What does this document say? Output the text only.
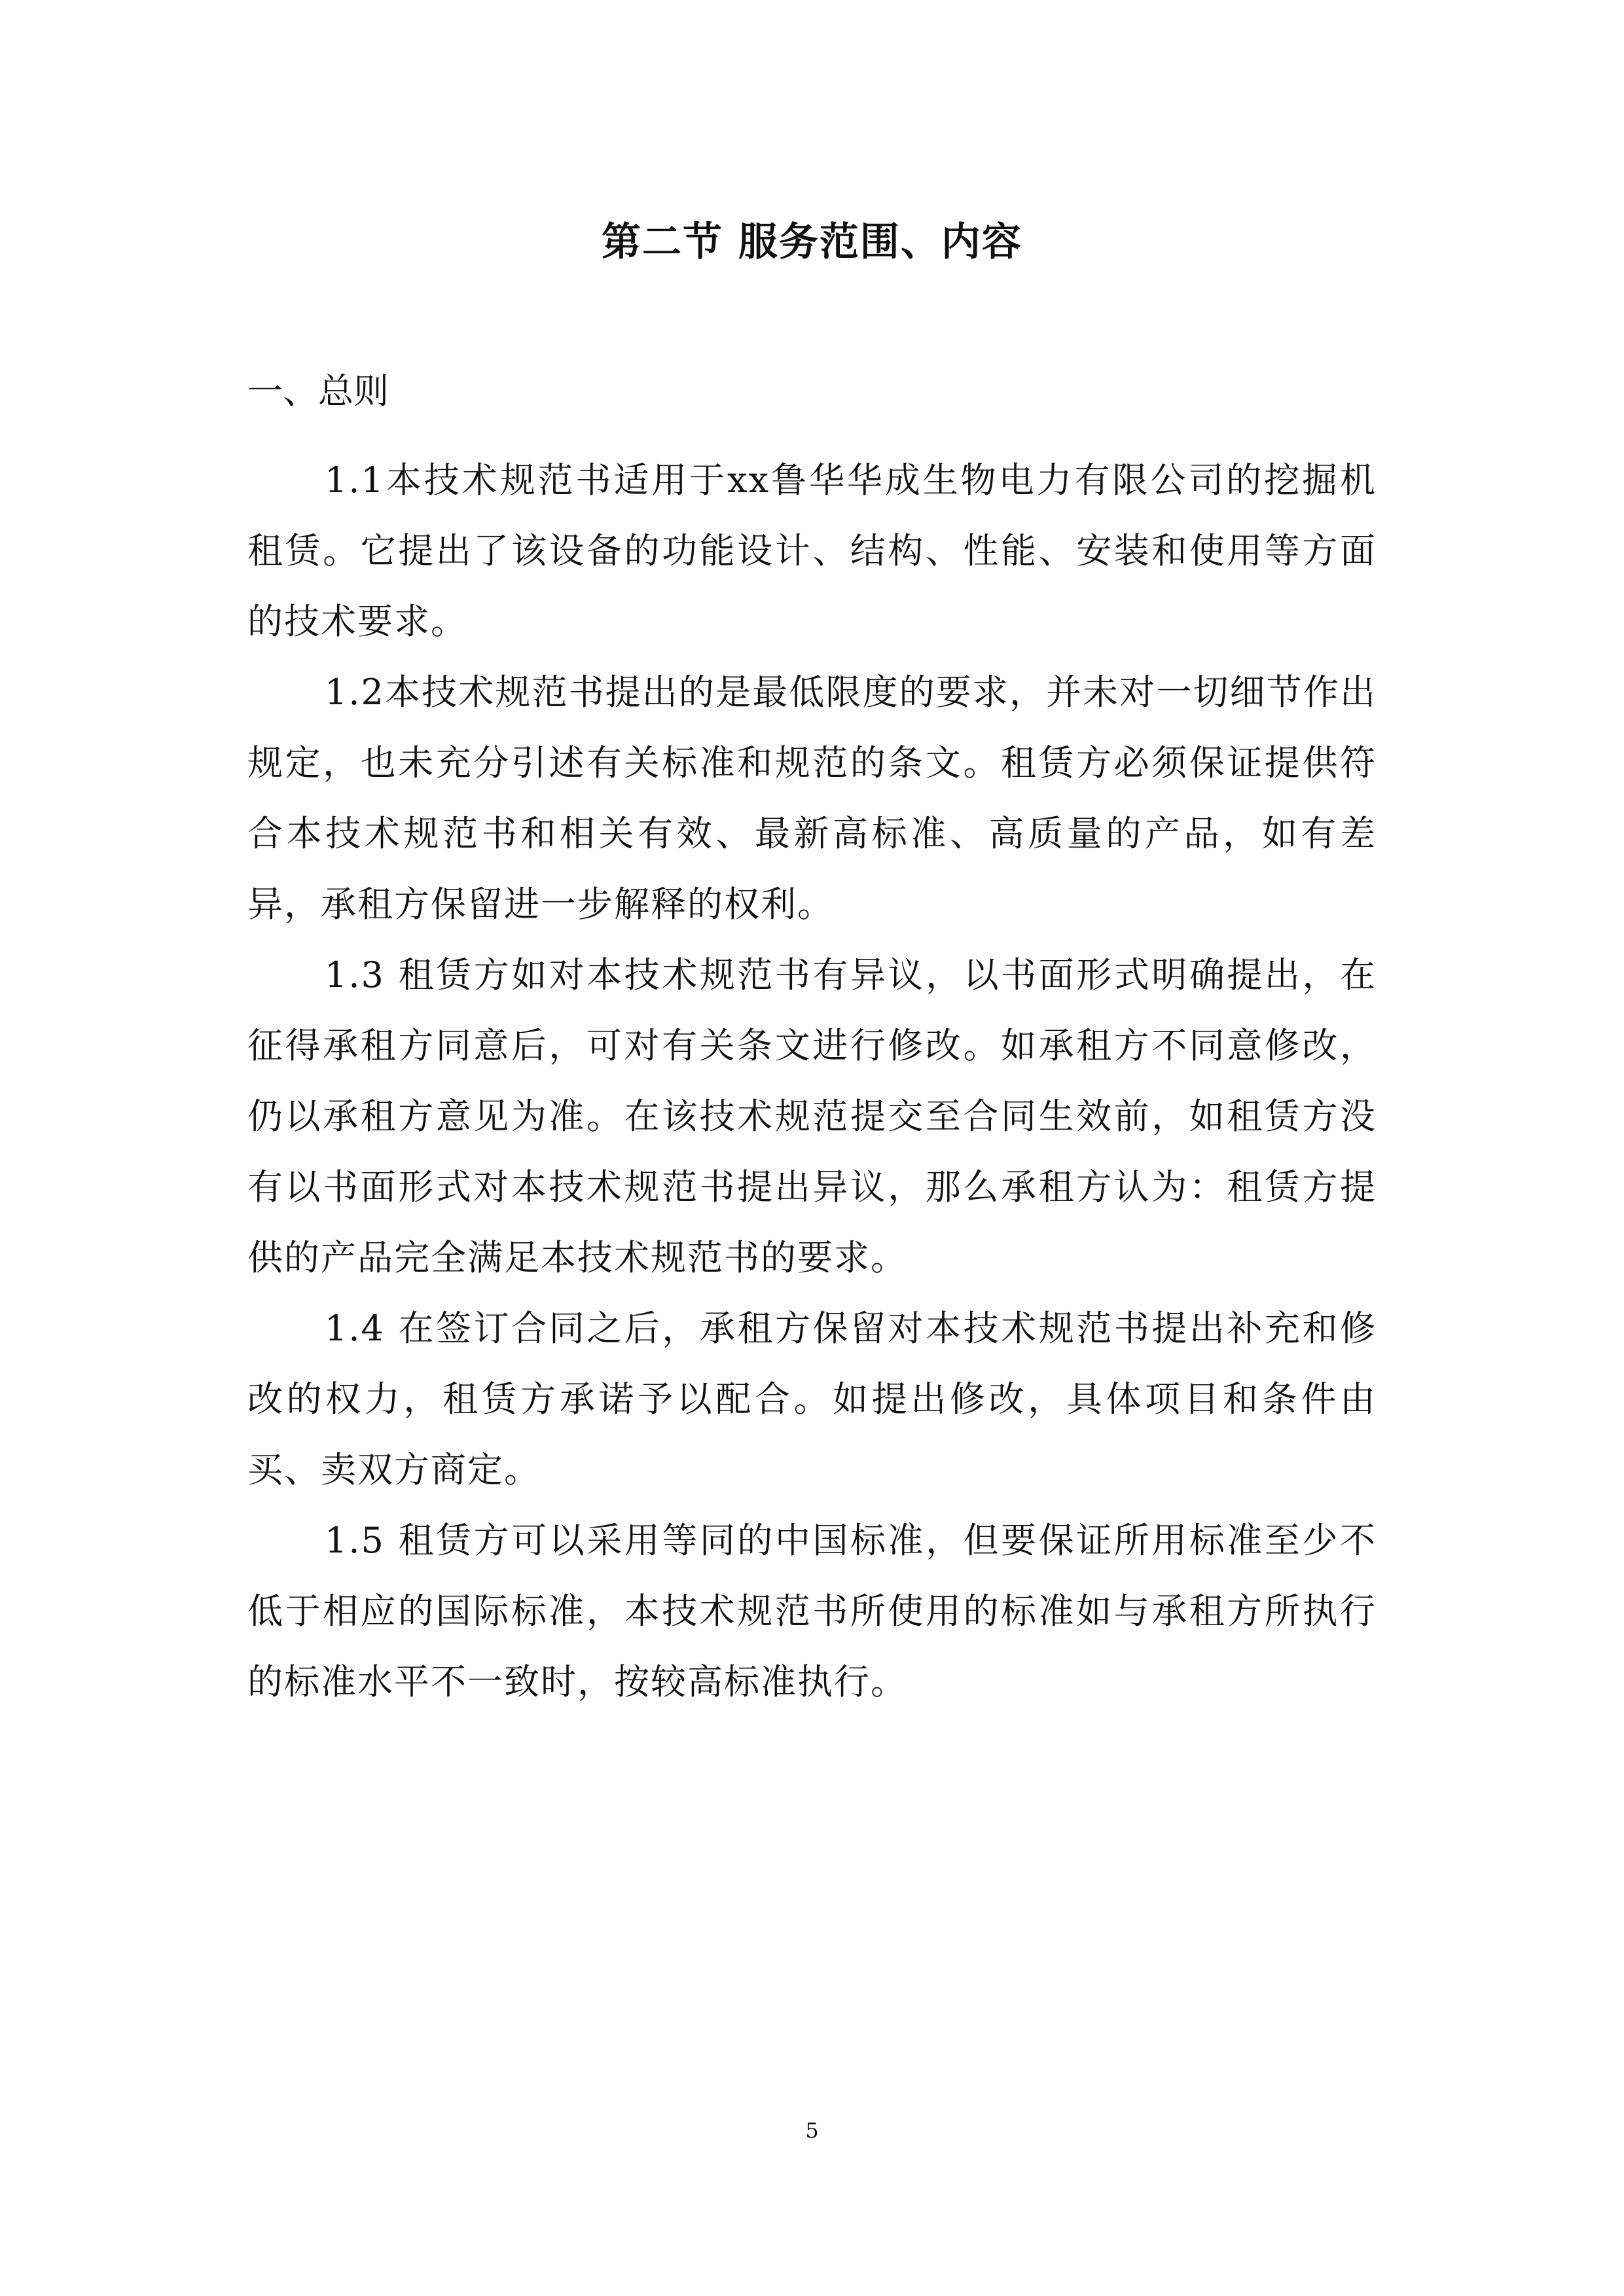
第二节 服务范围、内容
一、总则

1.1本技术规范书适用于xx鲁华华成生物电力有限公司的挖掘机租赁。它提出了该设备的功能设计、结构、性能、安装和使用等方面的技术要求。

1.2本技术规范书提出的是最低限度的要求，并未对一切细节作出规定，也未充分引述有关标准和规范的条文。租赁方必须保证提供符合本技术规范书和相关有效、最新高标准、高质量的产品，如有差异，承租方保留进一步解释的权利。

1.3 租赁方如对本技术规范书有异议，以书面形式明确提出，在征得承租方同意后，可对有关条文进行修改。如承租方不同意修改，仍以承租方意见为准。在该技术规范提交至合同生效前，如租赁方没有以书面形式对本技术规范书提出异议，那么承租方认为：租赁方提供的产品完全满足本技术规范书的要求。

1.4 在签订合同之后，承租方保留对本技术规范书提出补充和修改的权力，租赁方承诺予以配合。如提出修改，具体项目和条件由买、卖双方商定。

1.5 租赁方可以采用等同的中国标准，但要保证所用标准至少不低于相应的国际标准，本技术规范书所使用的标准如与承租方所执行的标准水平不一致时，按较高标准执行。

5
